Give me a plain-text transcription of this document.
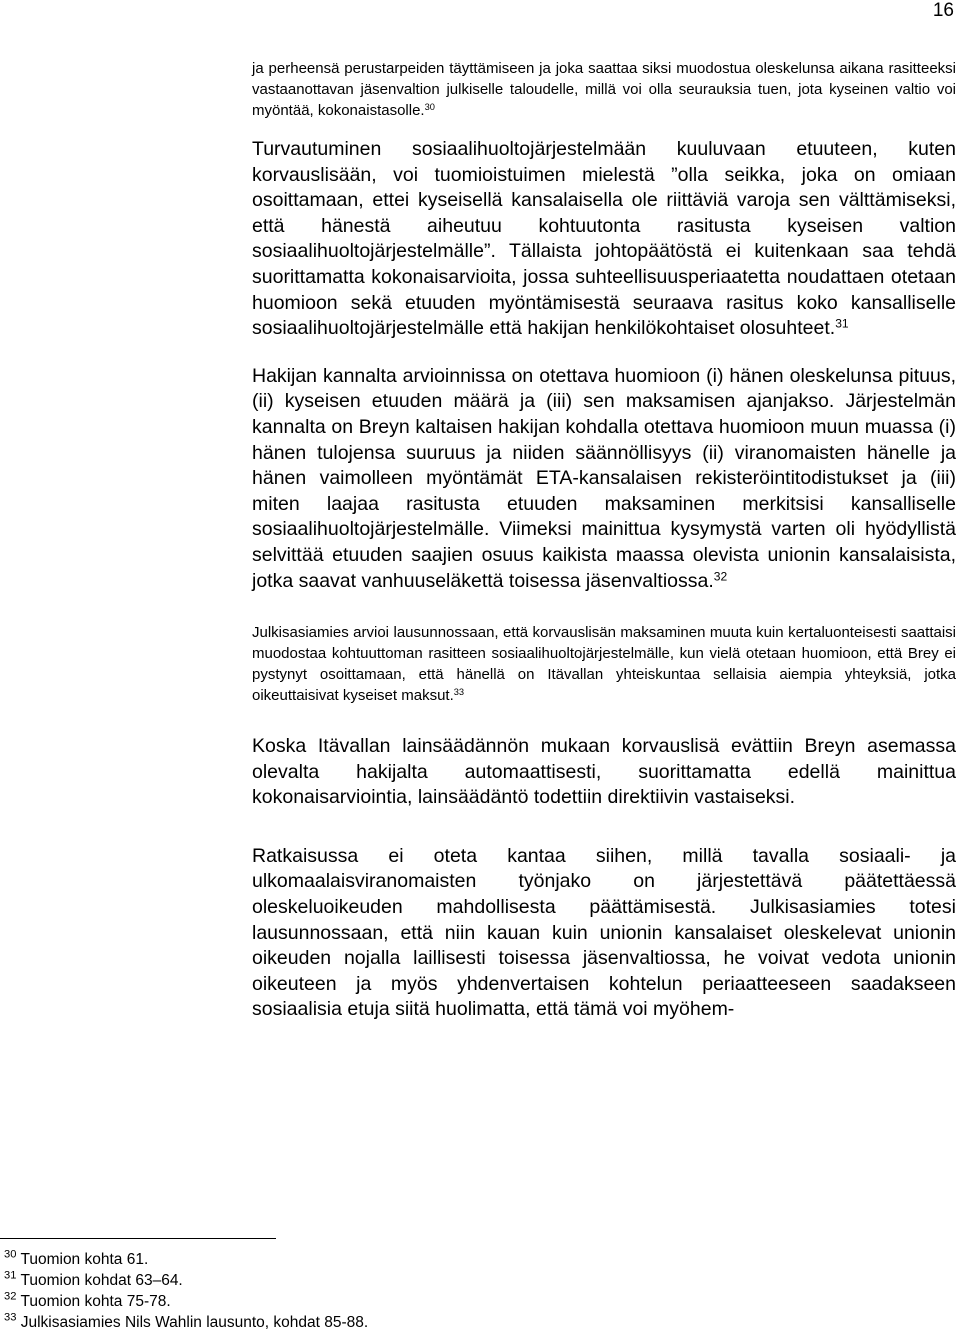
16

ja perheensä perustarpeiden täyttämiseen ja joka saattaa siksi muodostua oleskelunsa aikana rasitteeksi vastaanottavan jäsenvaltion julkiselle taloudelle, millä voi olla seurauksia tuen, jota kyseinen valtio voi myöntää, kokonaistasolle.$^{30}$

Turvautuminen sosiaalihuoltojärjestelmään kuuluvaan etuuteen, kuten korvauslisään, voi tuomioistuimen mielestä ”olla seikka, joka on omiaan osoittamaan, ettei kyseisellä kansalaisella ole riittäviä varoja sen välttämiseksi, että hänestä aiheutuu kohtuutonta rasitusta kyseisen valtion sosiaalihuoltojärjestelmälle”. Tällaista johtopäätöstä ei kuitenkaan saa tehdä suorittamatta kokonaisarvioita, jossa suhteellisuusperiaatetta noudattaen otetaan huomioon sekä etuuden myöntämisestä seuraava rasitus koko kansalliselle sosiaalihuoltojärjestelmälle että hakijan henkilökohtaiset olosuhteet.$^{31}$

Hakijan kannalta arvioinnissa on otettava huomioon (i) hänen oleskelunsa pituus, (ii) kyseisen etuuden määrä ja (iii) sen maksamisen ajanjakso. Järjestelmän kannalta on Breyn kaltaisen hakijan kohdalla otettava huomioon muun muassa (i) hänen tulojensa suuruus ja niiden säännöllisyys (ii) viranomaisten hänelle ja hänen vaimolleen myöntämät ETA-kansalaisen rekisteröintitodistukset ja (iii) miten laajaa rasitusta etuuden maksaminen merkitsisi kansalliselle sosiaalihuoltojärjestelmälle. Viimeksi mainittua kysymystä varten oli hyödyllistä selvittää etuuden saajien osuus kaikista maassa olevista unionin kansalaisista, jotka saavat vanhuuseläkettä toisessa jäsenvaltiossa.$^{32}$

Julkisasiamies arvioi lausunnossaan, että korvauslisän maksaminen muuta kuin kertaluonteisesti saattaisi muodostaa kohtuuttoman rasitteen sosiaalihuoltojärjestelmälle, kun vielä otetaan huomioon, että Brey ei pystynyt osoittamaan, että hänellä on Itävallan yhteiskuntaa sellaisia aiempia yhteyksiä, jotka oikeuttaisivat kyseiset maksut.$^{33}$

Koska Itävallan lainsäädännön mukaan korvauslisä evättiin Breyn asemassa olevalta hakijalta automaattisesti, suorittamatta edellä mainittua kokonaisarviointia, lainsäädäntö todettiin direktiivin vastaiseksi.

Ratkaisussa ei oteta kantaa siihen, millä tavalla sosiaali- ja ulkomaalaisviranomaisten työnjako on järjestettävä päätettäessä oleskeluoikeuden mahdollisesta päättämisestä. Julkisasiamies totesi lausunnossaan, että niin kauan kuin unionin kansalaiset oleskelevat unionin oikeuden nojalla laillisesti toisessa jäsenvaltiossa, he voivat vedota unionin oikeuteen ja myös yhdenvertaisen kohtelun periaatteeseen saadakseen sosiaalisia etuja siitä huolimatta, että tämä voi myöhem-

$^{30}$ Tuomion kohta 61.
$^{31}$ Tuomion kohdat 63–64.
$^{32}$ Tuomion kohta 75-78.
$^{33}$ Julkisasiamies Nils Wahlin lausunto, kohdat 85-88.
